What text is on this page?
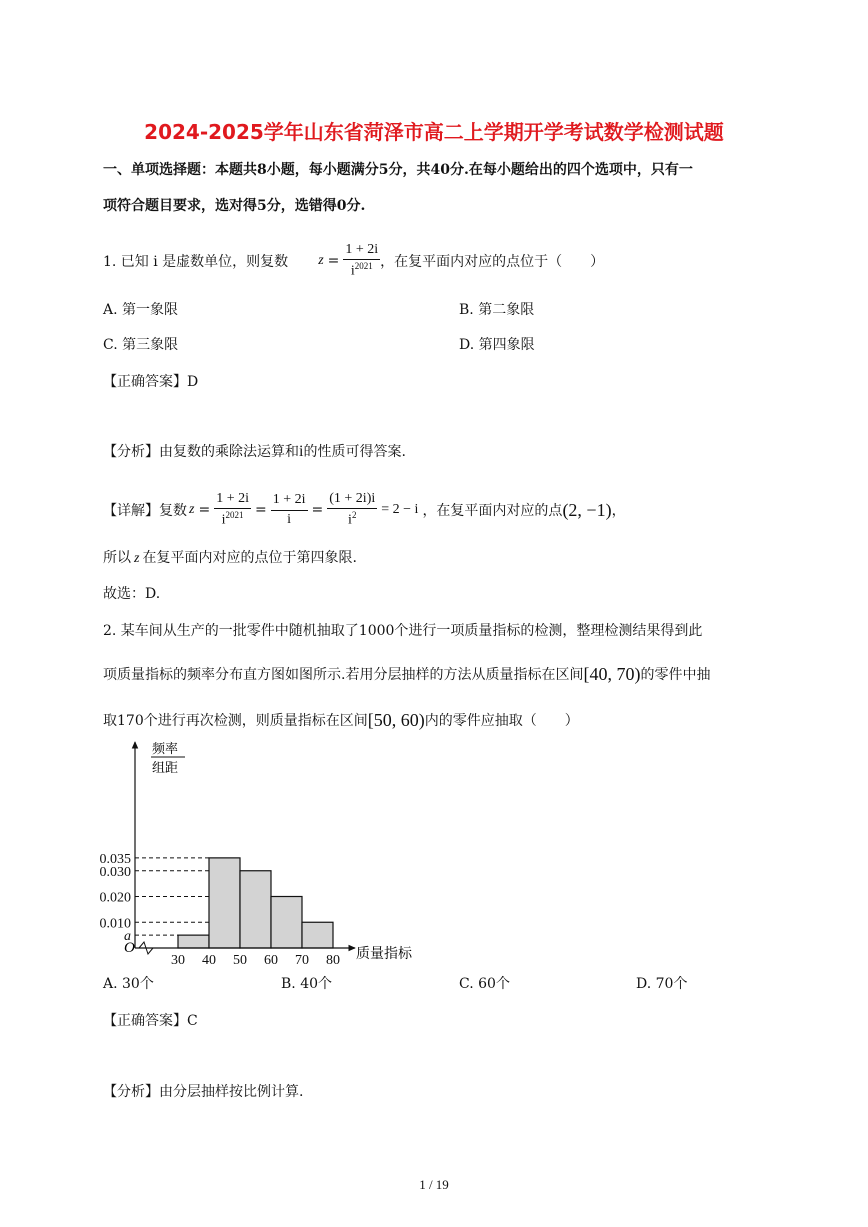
2024-2025学年山东省菏泽市高二上学期开学考试数学检测试题
一、单项选择题：本题共8小题，每小题满分5分，共40分.在每小题给出的四个选项中，只有一
项符合题目要求，选对得5分，选错得0分.
1. 已知 i 是虚数单位，则复数 $z = \frac{1 + 2i}{i^{2021}}$ ，在复平面内对应的点位于（　　）
A. 第一象限	B. 第二象限
C. 第三象限	D. 第四象限
【正确答案】D
【分析】由复数的乘除法运算和i的性质可得答案.
【详解】复数 $z = \frac{1 + 2i}{i^{2021}} = \frac{1 + 2i}{i} = \frac{(1 + 2i)i}{i^2} = 2 - i$ ，在复平面内对应的点 (2, −1) ，
所以 z 在复平面内对应的点位于第四象限.
故选：D.
2. 某车间从生产的一批零件中随机抽取了1000个进行一项质量指标的检测，整理检测结果得到此
项质量指标的频率分布直方图如图所示.若用分层抽样的方法从质量指标在区间 [40, 70) 的零件中抽
取170个进行再次检测，则质量指标在区间 [50, 60) 内的零件应抽取（　　）
a
0.010
0.020
0.030
0.035
30 40 50 60 70 80
O
频率
组距
质量指标
A. 30个	B. 40个	C. 60个	D. 70个
【正确答案】C
【分析】由分层抽样按比例计算.
1 / 19
